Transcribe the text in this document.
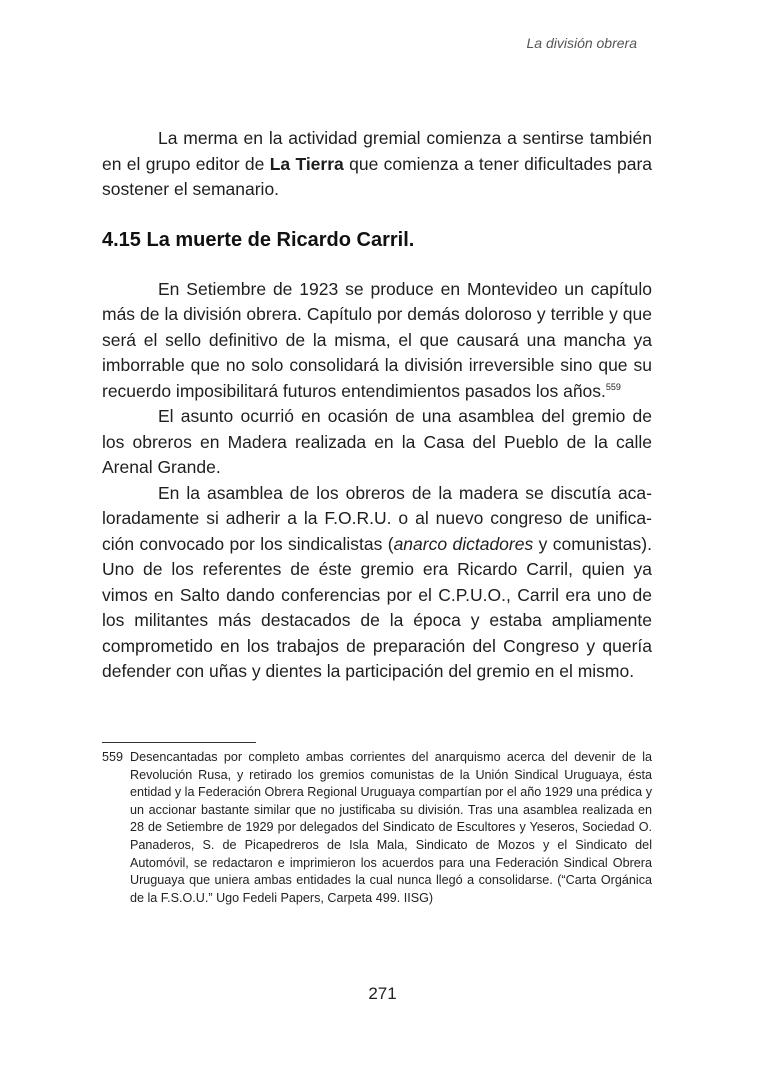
La división obrera

La merma en la actividad gremial comienza a sentirse también en el grupo editor de La Tierra que comienza a tener dificultades para sostener el semanario.

4.15 La muerte de Ricardo Carril.

En Setiembre de 1923 se produce en Montevideo un capítulo más de la división obrera. Capítulo por demás doloroso y terrible y que será el sello definitivo de la misma, el que causará una mancha ya imborrable que no solo consolidará la división irreversible sino que su recuerdo imposibilitará futuros entendimientos pasados los años.$^{559}$

El asunto ocurrió en ocasión de una asamblea del gremio de los obreros en Madera realizada en la Casa del Pueblo de la calle Arenal Grande.

En la asamblea de los obreros de la madera se discutía acaloradamente si adherir a la F.O.R.U. o al nuevo congreso de unificación convocado por los sindicalistas (anarco dictadores y comunistas). Uno de los referentes de éste gremio era Ricardo Carril, quien ya vimos en Salto dando conferencias por el C.P.U.O., Carril era uno de los militantes más destacados de la época y estaba ampliamente comprometido en los trabajos de preparación del Congreso y quería defender con uñas y dientes la participación del gremio en el mismo.

559 Desencantadas por completo ambas corrientes del anarquismo acerca del devenir de la Revolución Rusa, y retirado los gremios comunistas de la Unión Sindical Uruguaya, ésta entidad y la Federación Obrera Regional Uruguaya compartían por el año 1929 una prédica y un accionar bastante similar que no justificaba su división. Tras una asamblea realizada en 28 de Setiembre de 1929 por delegados del Sindicato de Escultores y Yeseros, Sociedad O. Panaderos, S. de Picapedreros de Isla Mala, Sindicato de Mozos y el Sindicato del Automóvil, se redactaron e imprimieron los acuerdos para una Federación Sindical Obrera Uruguaya que uniera ambas entidades la cual nunca llegó a consolidarse. (“Carta Orgánica de la F.S.O.U.” Ugo Fedeli Papers, Carpeta 499. IISG)
271
